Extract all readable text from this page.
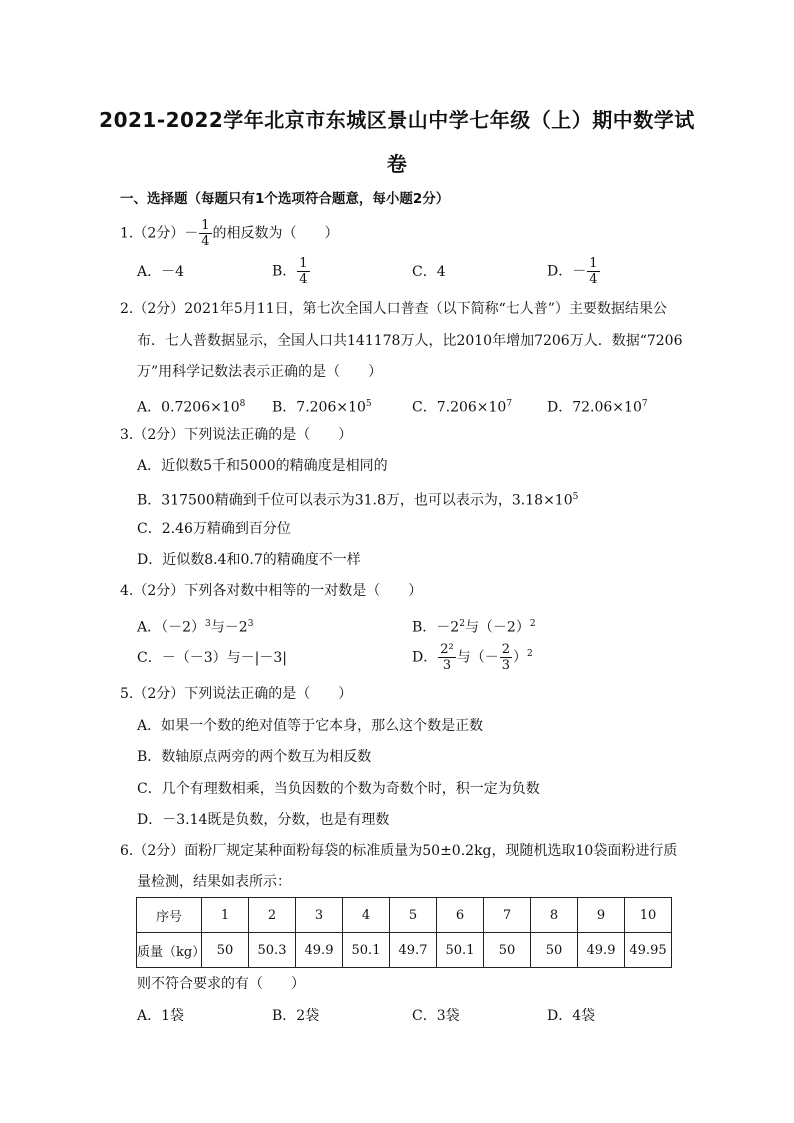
2021-2022学年北京市东城区景山中学七年级（上）期中数学试
卷
一、选择题（每题只有1个选项符合题意，每小题2分）
1.（2分）－ $\frac{1}{4}$ 的相反数为（　　）
A．－4	B． $\frac{1}{4}$	C．4	D．－ $\frac{1}{4}$
2.（2分）2021年5月11日，第七次全国人口普查（以下简称“七人普”）主要数据结果公
布．七人普数据显示，全国人口共141178万人，比2010年增加7206万人．数据“7206
万”用科学记数法表示正确的是（　　）
A．$0.7206\times 10^8$ B．$7.206\times 10^5$	C．$7.206\times 10^7$ D．$72.06\times 10^7$
3.（2分）下列说法正确的是（　　）
A．近似数5千和5000的精确度是相同的
B．317500精确到千位可以表示为31.8万，也可以表示为，$3.18\times 10^5$
C．2.46万精确到百分位
D．近似数8.4和0.7的精确度不一样
4.（2分）下列各对数中相等的一对数是（　　）
A．$(-2)^3$与$-2^3$	B．$-2^2$与$(-2)^2$
C．－（－3）与－|－3|	D． $\frac{\text{2²}}{3}$ 与（－ $\frac{2}{3} )^2$
5.（2分）下列说法正确的是（　　）
A．如果一个数的绝对值等于它本身，那么这个数是正数
B．数轴原点两旁的两个数互为相反数
C．几个有理数相乘，当负因数的个数为奇数个时，积一定为负数
D．－3.14既是负数，分数，也是有理数
6.（2分）面粉厂规定某种面粉每袋的标准质量为50±0.2kg，现随机选取10袋面粉进行质
量检测，结果如表所示：
序号	1	2	3	4	5	6	7	8	9	10
质量（kg）	50	50.3	49.9	50.1	49.7	50.1	50	50	49.9	49.95
则不符合要求的有（　　）
A．1袋	B．2袋	C．3袋	D．4袋
